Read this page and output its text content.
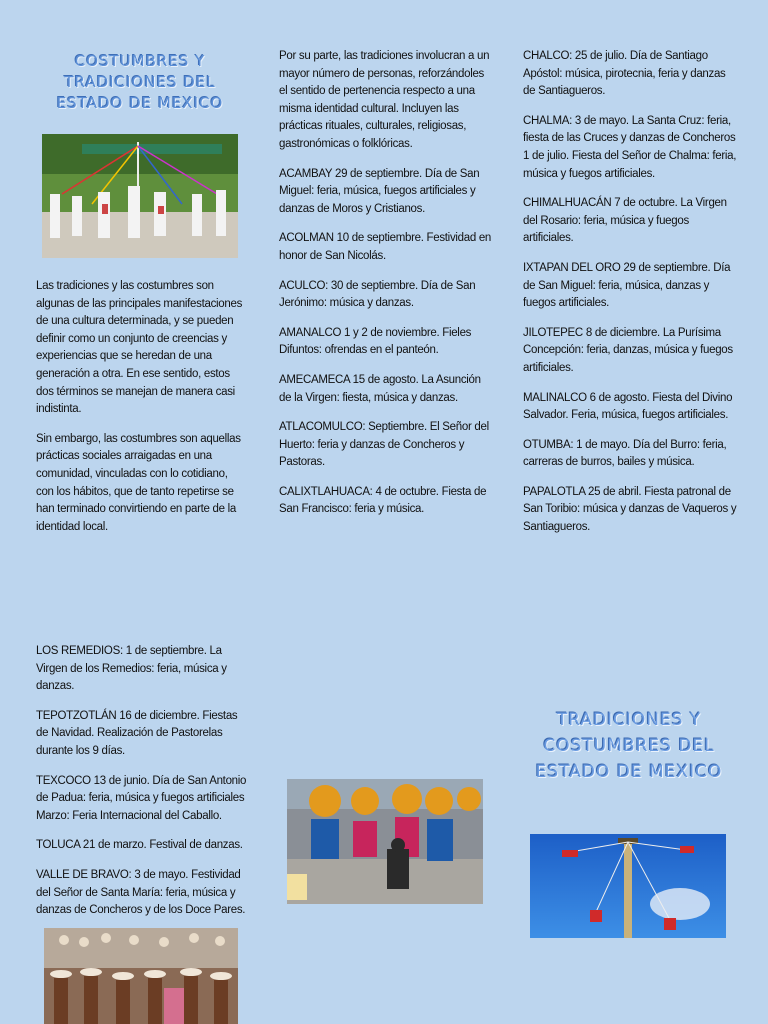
COSTUMBRES Y TRADICIONES DEL ESTADO DE MEXICO
TRADICIONES Y COSTUMBRES DEL ESTADO DE MEXICO

Las tradiciones y las costumbres son algunas de las principales manifestaciones de una cultura determinada, y se pueden definir como un conjunto de creencias y experiencias que se heredan de una generación a otra. En ese sentido, estos dos términos se manejan de manera casi indistinta.

Sin embargo, las costumbres son aquellas prácticas sociales arraigadas en una comunidad, vinculadas con lo cotidiano, con los hábitos, que de tanto repetirse se han terminado convirtiendo en parte de la identidad local.

LOS REMEDIOS: 1 de septiembre. La Virgen de los Remedios: feria, música y danzas.

TEPOTZOTLÁN 16 de diciembre. Fiestas de Navidad. Realización de Pastorelas durante los 9 días.

TEXCOCO 13 de junio. Día de San Antonio de Padua: feria, música y fuegos artificiales Marzo: Feria Internacional del Caballo.

TOLUCA 21 de marzo. Festival de danzas.

VALLE DE BRAVO: 3 de mayo. Festividad del Señor de Santa María: feria, música y danzas de Concheros y de los Doce Pares.

Por su parte, las tradiciones involucran a un mayor número de personas, reforzándoles el sentido de pertenencia respecto a una misma identidad cultural. Incluyen las prácticas rituales, culturales, religiosas, gastronómicas o folklóricas.

ACAMBAY 29 de septiembre. Día de San Miguel: feria, música, fuegos artificiales y danzas de Moros y Cristianos.

ACOLMAN 10 de septiembre. Festividad en honor de San Nicolás.

ACULCO: 30 de septiembre. Día de San Jerónimo: música y danzas.

AMANALCO 1 y 2 de noviembre. Fieles Difuntos: ofrendas en el panteón.

AMECAMECA 15 de agosto. La Asunción de la Virgen: fiesta, música y danzas.

ATLACOMULCO: Septiembre. El Señor del Huerto: feria y danzas de Concheros y Pastoras.

CALIXTLAHUACA: 4 de octubre. Fiesta de San Francisco: feria y música.

CHALCO: 25 de julio. Día de Santiago Apóstol: música, pirotecnia, feria y danzas de Santiagueros.

CHALMA: 3 de mayo. La Santa Cruz: feria, fiesta de las Cruces y danzas de Concheros 1 de julio. Fiesta del Señor de Chalma: feria, música y fuegos artificiales.

CHIMALHUACÁN 7 de octubre. La Virgen del Rosario: feria, música y fuegos artificiales.

IXTAPAN DEL ORO 29 de septiembre. Día de San Miguel: feria, música, danzas y fuegos artificiales.

JILOTEPEC 8 de diciembre. La Purísima Concepción: feria, danzas, música y fuegos artificiales.

MALINALCO 6 de agosto. Fiesta del Divino Salvador. Feria, música, fuegos artificiales.

OTUMBA: 1 de mayo. Día del Burro: feria, carreras de burros, bailes y música.

PAPALOTLA 25 de abril. Fiesta patronal de San Toribio: música y danzas de Vaqueros y Santiagueros.
